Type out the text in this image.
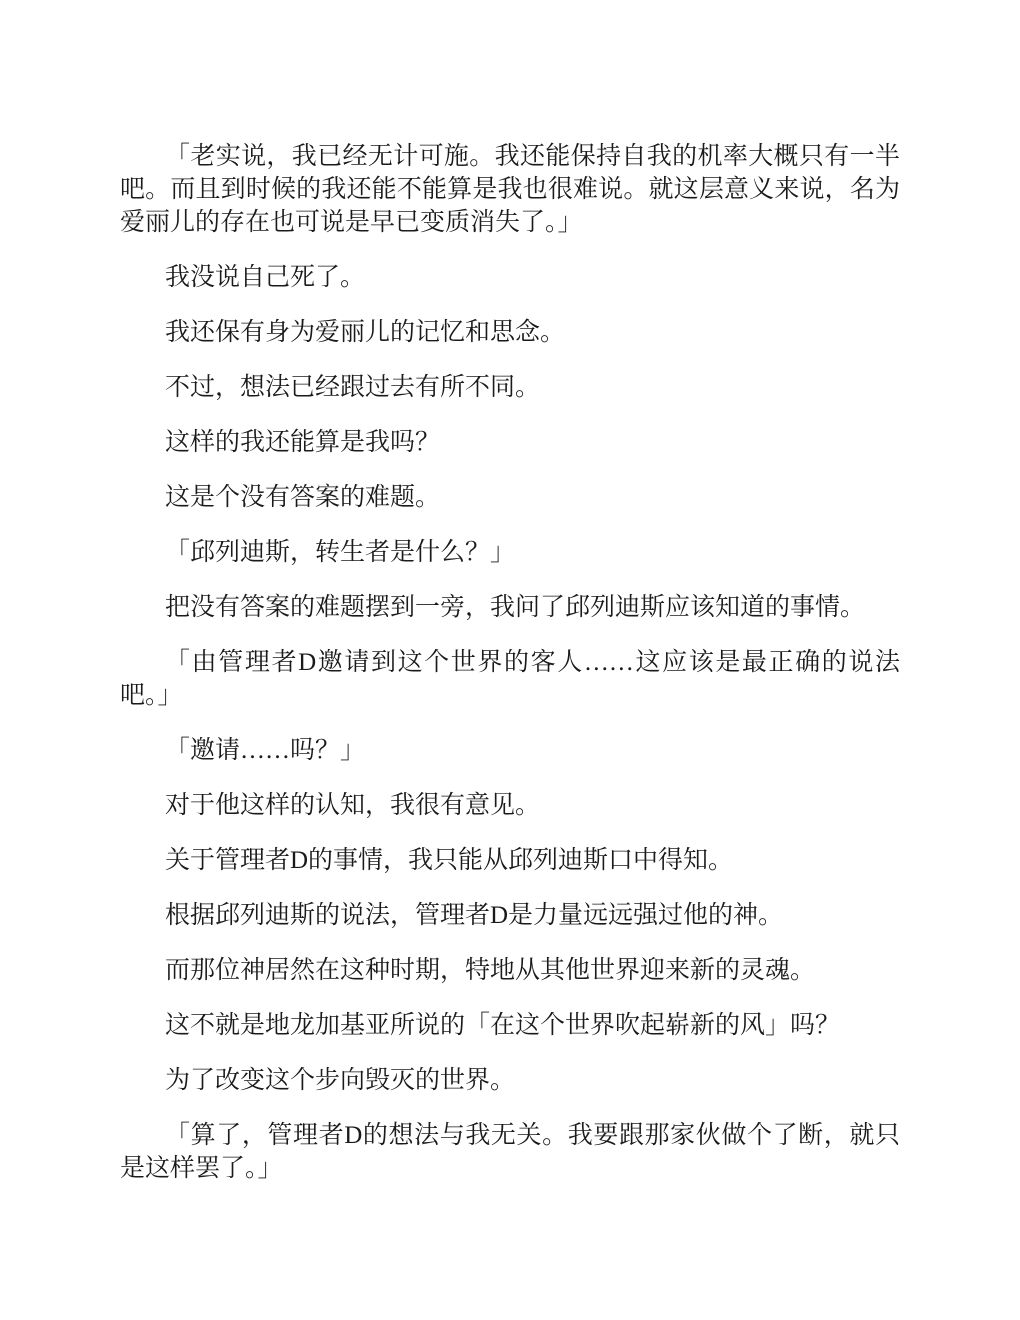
「老实说，我已经无计可施。我还能保持自我的机率大概只有一半吧。而且到时候的我还能不能算是我也很难说。就这层意义来说，名为爱丽儿的存在也可说是早已变质消失了。」

我没说自己死了。

我还保有身为爱丽儿的记忆和思念。

不过，想法已经跟过去有所不同。

这样的我还能算是我吗？

这是个没有答案的难题。

「邱列迪斯，转生者是什么？」

把没有答案的难题摆到一旁，我问了邱列迪斯应该知道的事情。

「由管理者D邀请到这个世界的客人……这应该是最正确的说法吧。」

「邀请……吗？」

对于他这样的认知，我很有意见。

关于管理者D的事情，我只能从邱列迪斯口中得知。

根据邱列迪斯的说法，管理者D是力量远远强过他的神。

而那位神居然在这种时期，特地从其他世界迎来新的灵魂。

这不就是地龙加基亚所说的「在这个世界吹起崭新的风」吗？

为了改变这个步向毁灭的世界。

「算了，管理者D的想法与我无关。我要跟那家伙做个了断，就只是这样罢了。」
